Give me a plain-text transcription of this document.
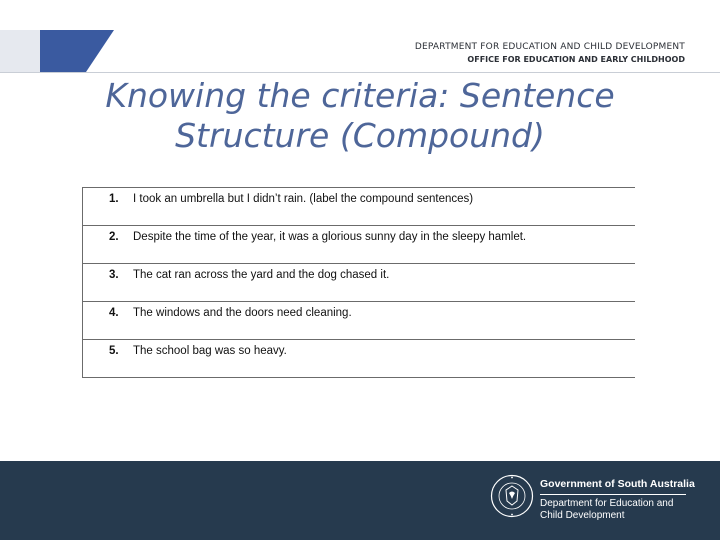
DEPARTMENT FOR EDUCATION AND CHILD DEVELOPMENT
OFFICE FOR EDUCATION AND EARLY CHILDHOOD
Knowing the criteria: Sentence
Structure (Compound)
1. I took an umbrella but I didn’t rain. (label the compound sentences)
2. Despite the time of the year, it was a glorious sunny day in the sleepy hamlet.
3. The cat ran across the yard and the dog chased it.
4. The windows and the doors need cleaning.
5. The school bag was so heavy.
Government of South Australia
Department for Education and
Child Development
